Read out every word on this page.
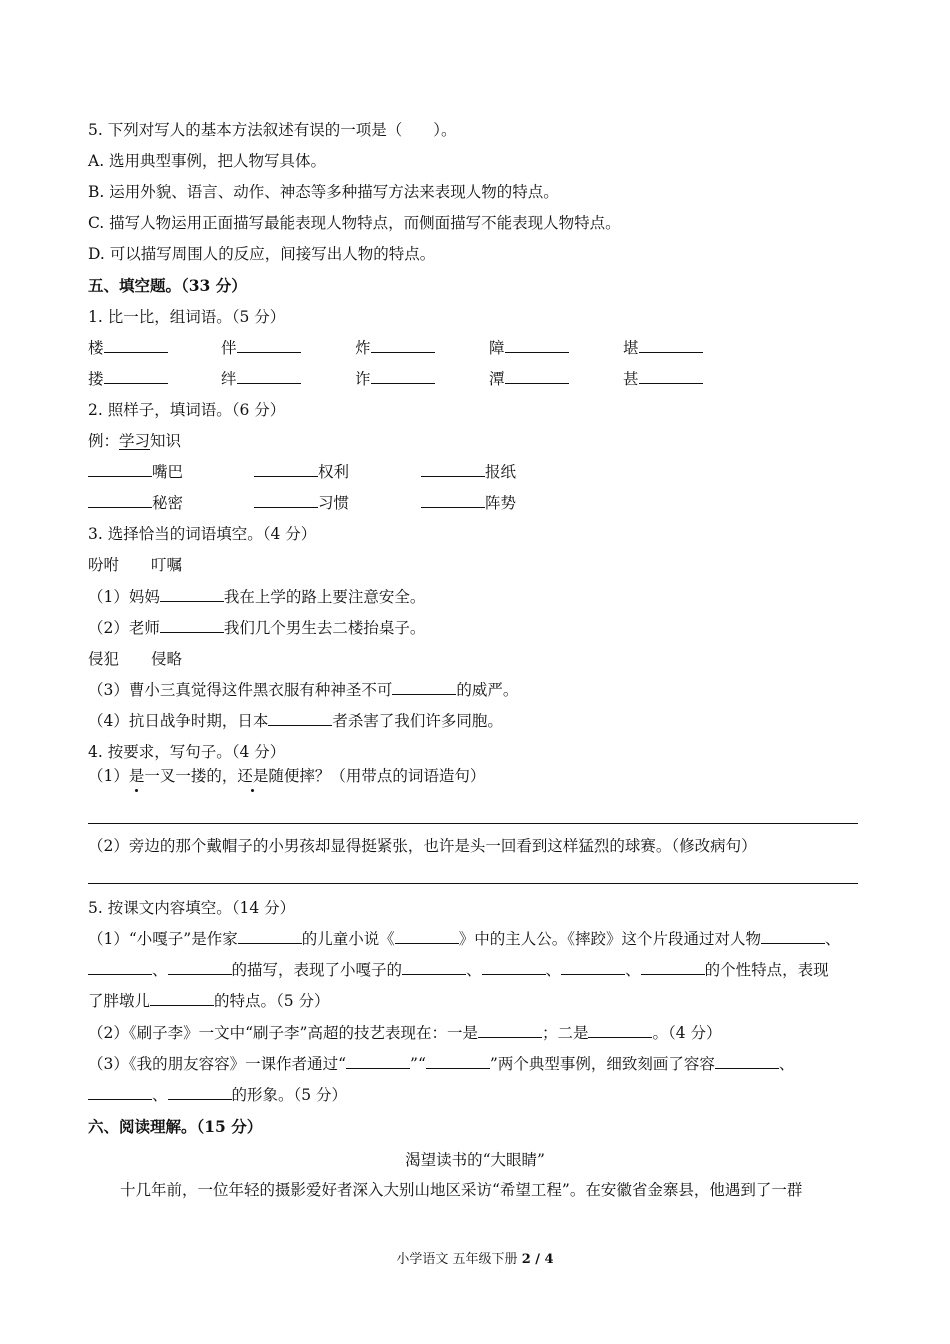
5. 下列对写人的基本方法叙述有误的一项是（　　）。
A. 选用典型事例，把人物写具体。
B. 运用外貌、语言、动作、神态等多种描写方法来表现人物的特点。
C. 描写人物运用正面描写最能表现人物特点，而侧面描写不能表现人物特点。
D. 可以描写周围人的反应，间接写出人物的特点。
五、填空题。（33 分）
1. 比一比，组词语。（5 分）
楼	伴	炸	障	堪
搂	绊	诈	潭	甚
2. 照样子，填词语。（6 分）
例：学习知识
嘴巴	权利	报纸
秘密	习惯	阵势
3. 选择恰当的词语填空。（4 分）
吩咐 叮嘱
（1）妈妈	我在上学的路上要注意安全。
（2）老师	我们几个男生去二楼抬桌子。
侵犯 侵略
（3）曹小三真觉得这件黑衣服有种神圣不可	的威严。
（4）抗日战争时期，日本	者杀害了我们许多同胞。
4. 按要求，写句子。（4 分）
（1）是一叉一搂的，还是随便摔？（用带点的词语造句）
（2）旁边的那个戴帽子的小男孩却显得挺紧张，也许是头一回看到这样猛烈的球赛。（修改病句）
5. 按课文内容填空。（14 分）
（1）“小嘎子”是作家	的儿童小说《	》中的主人公。《摔跤》这个片段通过对人物	、
、	的描写，表现了小嘎子的	、	、	、	的个性特点，表现
了胖墩儿	的特点。（5 分）
（2）《刷子李》一文中“刷子李”高超的技艺表现在：一是	；二是	。（4 分）
（3）《我的朋友容容》一课作者通过“	”“	”两个典型事例，细致刻画了容容	、
、	的形象。（5 分）
六、阅读理解。（15 分）
渴望读书的“大眼睛”
十几年前，一位年轻的摄影爱好者深入大别山地区采访“希望工程”。在安徽省金寨县，他遇到了一群
小学语文 五年级下册 2 / 4
